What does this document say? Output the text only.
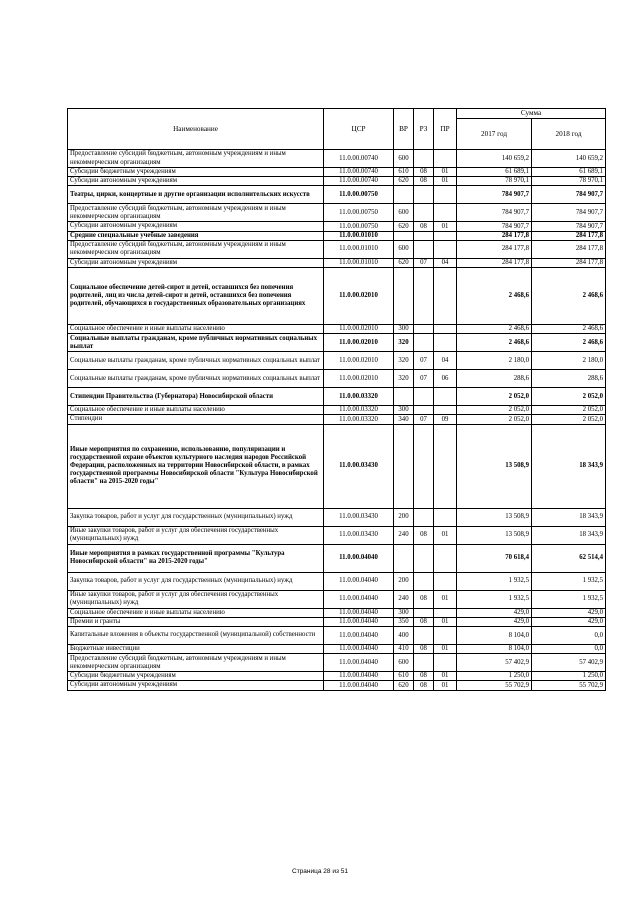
Наименование	ЦСР	ВР	РЗ	ПР	Сумма	
					2017 год	2018 год
Предоставление субсидий бюджетным, автономным учреждениям и иным некоммерческим организациям	11.0.00.00740	600			140 659,2	140 659,2
Субсидии бюджетным учреждениям	11.0.00.00740	610	08	01	61 689,1	61 689,1
Субсидии автономным учреждениям	11.0.00.00740	620	08	01	78 970,1	78 970,1
Театры, цирки, концертные и другие организации исполнительских искусств	11.0.00.00750				784 907,7	784 907,7
Предоставление субсидий бюджетным, автономным учреждениям и иным некоммерческим организациям	11.0.00.00750	600			784 907,7	784 907,7
Субсидии автономным учреждениям	11.0.00.00750	620	08	01	784 907,7	784 907,7
Средние специальные учебные заведения	11.0.00.01010				284 177,8	284 177,8
Предоставление субсидий бюджетным, автономным учреждениям и иным некоммерческим организациям	11.0.00.01010	600			284 177,8	284 177,8
Субсидии автономным учреждениям	11.0.00.01010	620	07	04	284 177,8	284 177,8
Социальное обеспечение детей-сирот и детей, оставшихся без попечения родителей, лиц из числа детей-сирот и детей, оставшихся без попечения родителей, обучающихся в государственных образовательных организациях	11.0.00.02010				2 468,6	2 468,6
Социальное обеспечение и иные выплаты населению	11.0.00.02010	300			2 468,6	2 468,6
Социальные выплаты гражданам, кроме публичных нормативных социальных выплат	11.0.00.02010	320			2 468,6	2 468,6
Социальные выплаты гражданам, кроме публичных нормативных социальных выплат	11.0.00.02010	320	07	04	2 180,0	2 180,0
Социальные выплаты гражданам, кроме публичных нормативных социальных выплат	11.0.00.02010	320	07	06	288,6	288,6
Стипендии Правительства (Губернатора) Новосибирской области	11.0.00.03320				2 052,0	2 052,0
Социальное обеспечение и иные выплаты населению	11.0.00.03320	300			2 052,0	2 052,0
Стипендии	11.0.00.03320	340	07	09	2 052,0	2 052,0
Иные мероприятия по сохранению, использованию, популяризации и государственной охране объектов культурного наследия народов Российской Федерации, расположенных на территории Новосибирской области, в рамках государственной программы Новосибирской области "Культура Новосибирской области" на 2015-2020 годы"	11.0.00.03430				13 508,9	18 343,9
Закупка товаров, работ и услуг для государственных (муниципальных) нужд	11.0.00.03430	200			13 508,9	18 343,9
Иные закупки товаров, работ и услуг для обеспечения государственных (муниципальных) нужд	11.0.00.03430	240	08	01	13 508,9	18 343,9
Иные мероприятия в рамках государственной программы "Культура Новосибирской области" на 2015-2020 годы"	11.0.00.04040				70 618,4	62 514,4
Закупка товаров, работ и услуг для государственных (муниципальных) нужд	11.0.00.04040	200			1 932,5	1 932,5
Иные закупки товаров, работ и услуг для обеспечения государственных (муниципальных) нужд	11.0.00.04040	240	08	01	1 932,5	1 932,5
Социальное обеспечение и иные выплаты населению	11.0.00.04040	300			429,0	429,0
Премии и гранты	11.0.00.04040	350	08	01	429,0	429,0
Капитальные вложения в объекты государственной (муниципальной) собственности	11.0.00.04040	400			8 104,0	0,0
Бюджетные инвестиции	11.0.00.04040	410	08	01	8 104,0	0,0
Предоставление субсидий бюджетным, автономным учреждениям и иным некоммерческим организациям	11.0.00.04040	600			57 402,9	57 402,9
Субсидии бюджетным учреждениям	11.0.00.04040	610	08	01	1 250,0	1 250,0
Субсидии автономным учреждениям	11.0.00.04040	620	08	01	55 702,9	55 702,9
Страница 28 из 51
